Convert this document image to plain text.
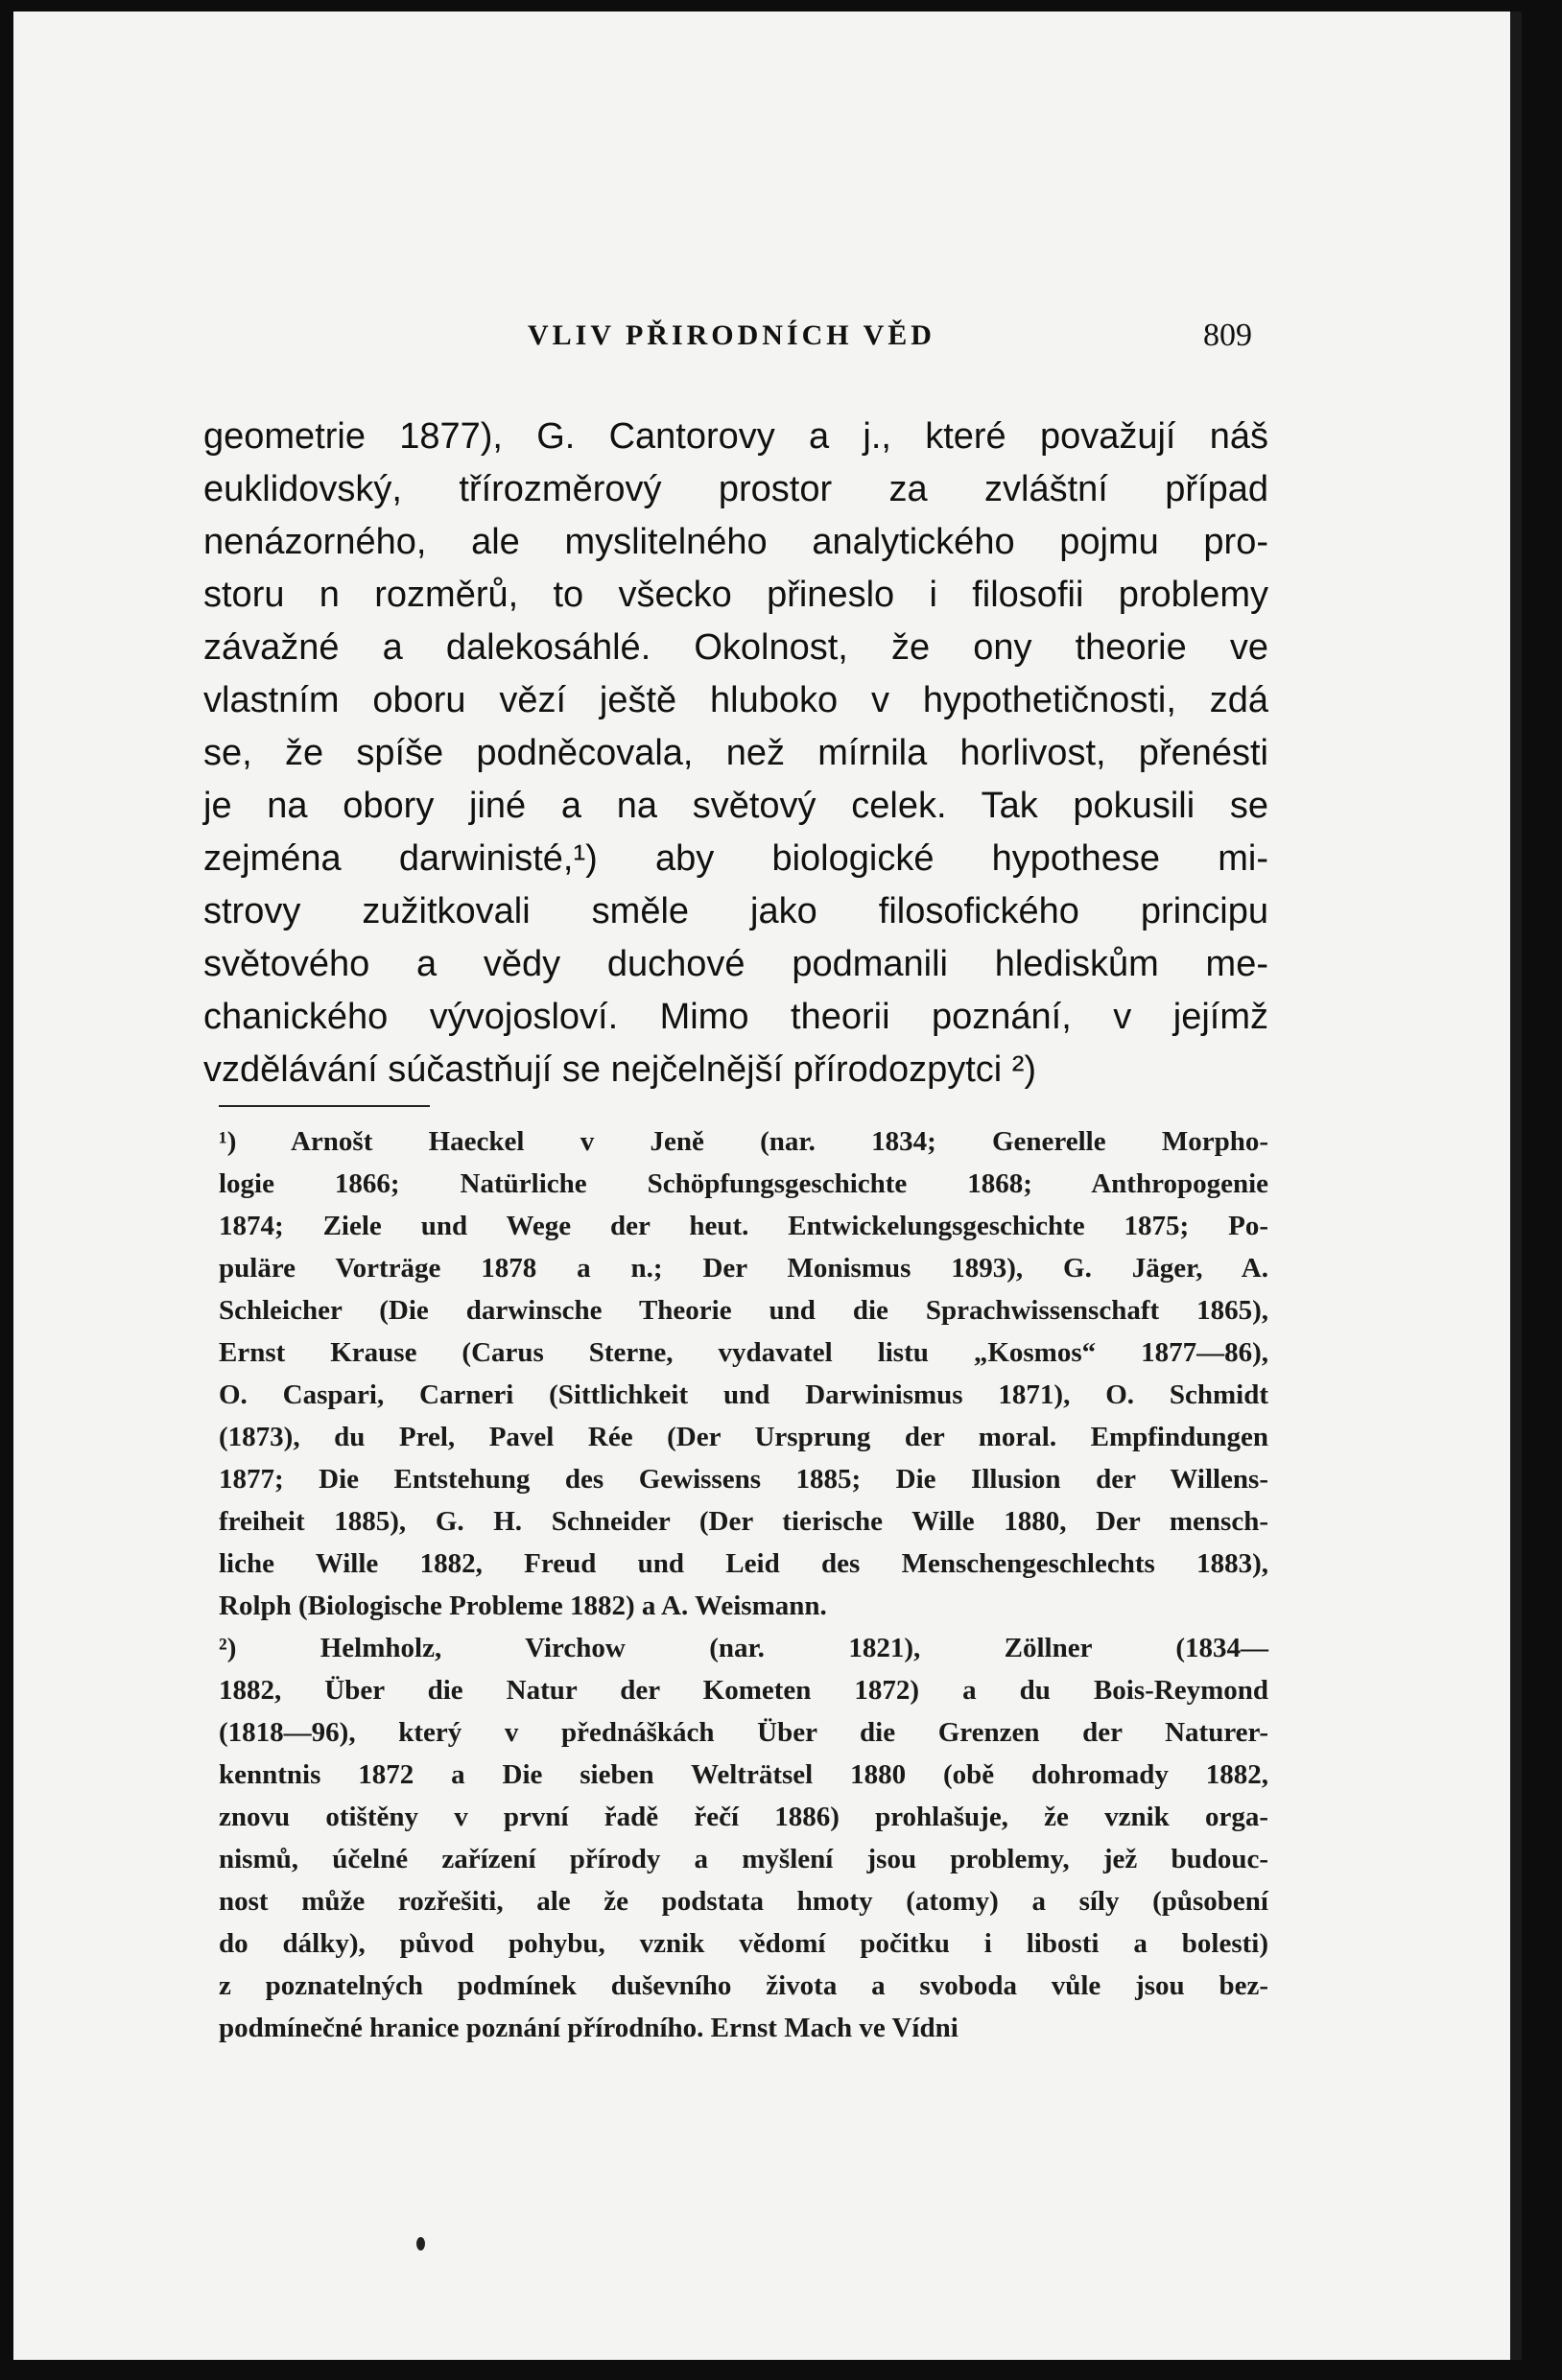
VLIV PŘIRODNÍCH VĚD	809
geometrie 1877), G. Cantorovy a j., které považují náš
euklidovský, třírozměrový prostor za zvláštní případ
nenázorného, ale myslitelného analytického pojmu pro-
storu n rozměrů, to všecko přineslo i filosofii problemy
závažné a dalekosáhlé. Okolnost, že ony theorie ve
vlastním oboru vězí ještě hluboko v hypothetičnosti, zdá
se, že spíše podněcovala, než mírnila horlivost, přenésti
je na obory jiné a na světový celek. Tak pokusili se
zejména darwinisté,¹) aby biologické hypothese mi-
strovy zužitkovali směle jako filosofického principu
světového a vědy duchové podmanili hlediskům me-
chanického vývojosloví. Mimo theorii poznání, v jejímž
vzdělávání súčastňují se nejčelnější přírodozpytci ²)
¹) Arnošt Haeckel v Jeně (nar. 1834; Generelle Morpho-
logie 1866; Natürliche Schöpfungsgeschichte 1868; Anthropogenie
1874; Ziele und Wege der heut. Entwickelungsgeschichte 1875; Po-
puläre Vorträge 1878 a n.; Der Monismus 1893), G. Jäger, A.
Schleicher (Die darwinsche Theorie und die Sprachwissenschaft 1865),
Ernst Krause (Carus Sterne, vydavatel listu „Kosmos“ 1877—86),
O. Caspari, Carneri (Sittlichkeit und Darwinismus 1871), O. Schmidt
(1873), du Prel, Pavel Rée (Der Ursprung der moral. Empfindungen
1877; Die Entstehung des Gewissens 1885; Die Illusion der Willens-
freiheit 1885), G. H. Schneider (Der tierische Wille 1880, Der mensch-
liche Wille 1882, Freud und Leid des Menschengeschlechts 1883),
Rolph (Biologische Probleme 1882) a A. Weismann.
²) Helmholz, Virchow (nar. 1821), Zöllner (1834—
1882, Über die Natur der Kometen 1872) a du Bois-Reymond
(1818—96), který v přednáškách Über die Grenzen der Naturer-
kenntnis 1872 a Die sieben Welträtsel 1880 (obě dohromady 1882,
znovu otištěny v první řadě řečí 1886) prohlašuje, že vznik orga-
nismů, účelné zařízení přírody a myšlení jsou problemy, jež budouc-
nost může rozřešiti, ale že podstata hmoty (atomy) a síly (působení
do dálky), původ pohybu, vznik vědomí počitku i libosti a bolesti)
z poznatelných podmínek duševního života a svoboda vůle jsou bez-
podmínečné hranice poznání přírodního. Ernst Mach ve Vídni
